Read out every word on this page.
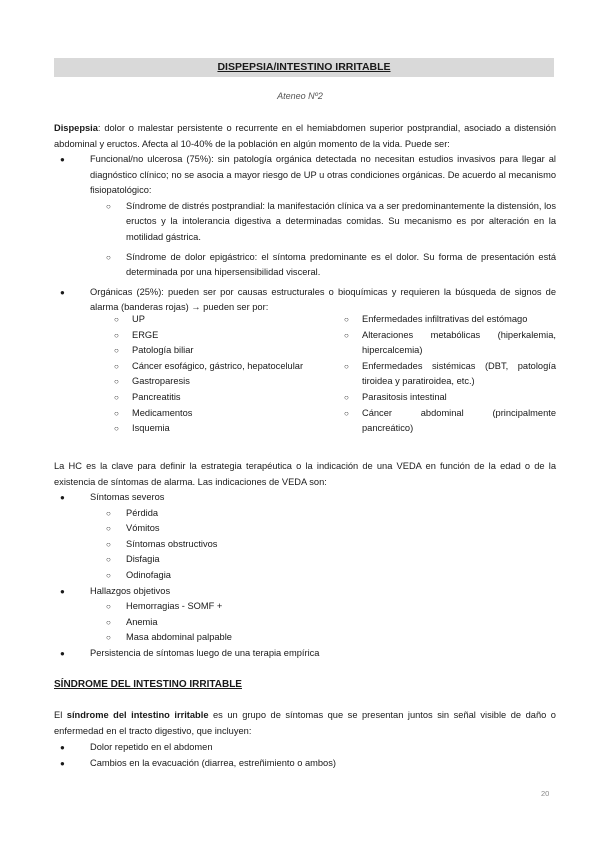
DISPEPSIA/INTESTINO IRRITABLE
Ateneo Nº2
Dispepsia: dolor o malestar persistente o recurrente en el hemiabdomen superior postprandial, asociado a distensión abdominal y eructos. Afecta al 10-40% de la población en algún momento de la vida. Puede ser:
● Funcional/no ulcerosa (75%): sin patología orgánica detectada no necesitan estudios invasivos para llegar al diagnóstico clínico; no se asocia a mayor riesgo de UP u otras condiciones orgánicas. De acuerdo al mecanismo fisiopatológico:
○ Síndrome de distrés postprandial: la manifestación clínica va a ser predominantemente la distensión, los eructos y la intolerancia digestiva a determinadas comidas. Su mecanismo es por alteración en la motilidad gástrica.
○ Síndrome de dolor epigástrico: el síntoma predominante es el dolor. Su forma de presentación está determinada por una hipersensibilidad visceral.
● Orgánicas (25%): pueden ser por causas estructurales o bioquímicas y requieren la búsqueda de signos de alarma (banderas rojas) → pueden ser por:
○ UP
○ ERGE
○ Patología biliar
○ Cáncer esofágico, gástrico, hepatocelular
○ Gastroparesis
○ Pancreatitis
○ Medicamentos
○ Isquemia
○ Enfermedades infiltrativas del estómago
○ Alteraciones metabólicas (hiperkalemia, hipercalcemia)
○ Enfermedades sistémicas (DBT, patología tiroidea y paratiroidea, etc.)
○ Parasitosis intestinal
○ Cáncer abdominal (principalmente pancreático)
La HC es la clave para definir la estrategia terapéutica o la indicación de una VEDA en función de la edad o de la existencia de síntomas de alarma. Las indicaciones de VEDA son:
● Síntomas severos
○ Pérdida
○ Vómitos
○ Síntomas obstructivos
○ Disfagia
○ Odinofagia
● Hallazgos objetivos
○ Hemorragias - SOMF +
○ Anemia
○ Masa abdominal palpable
● Persistencia de síntomas luego de una terapia empírica
SÍNDROME DEL INTESTINO IRRITABLE
El síndrome del intestino irritable es un grupo de síntomas que se presentan juntos sin señal visible de daño o enfermedad en el tracto digestivo, que incluyen:
● Dolor repetido en el abdomen
● Cambios en la evacuación (diarrea, estreñimiento o ambos)
20
